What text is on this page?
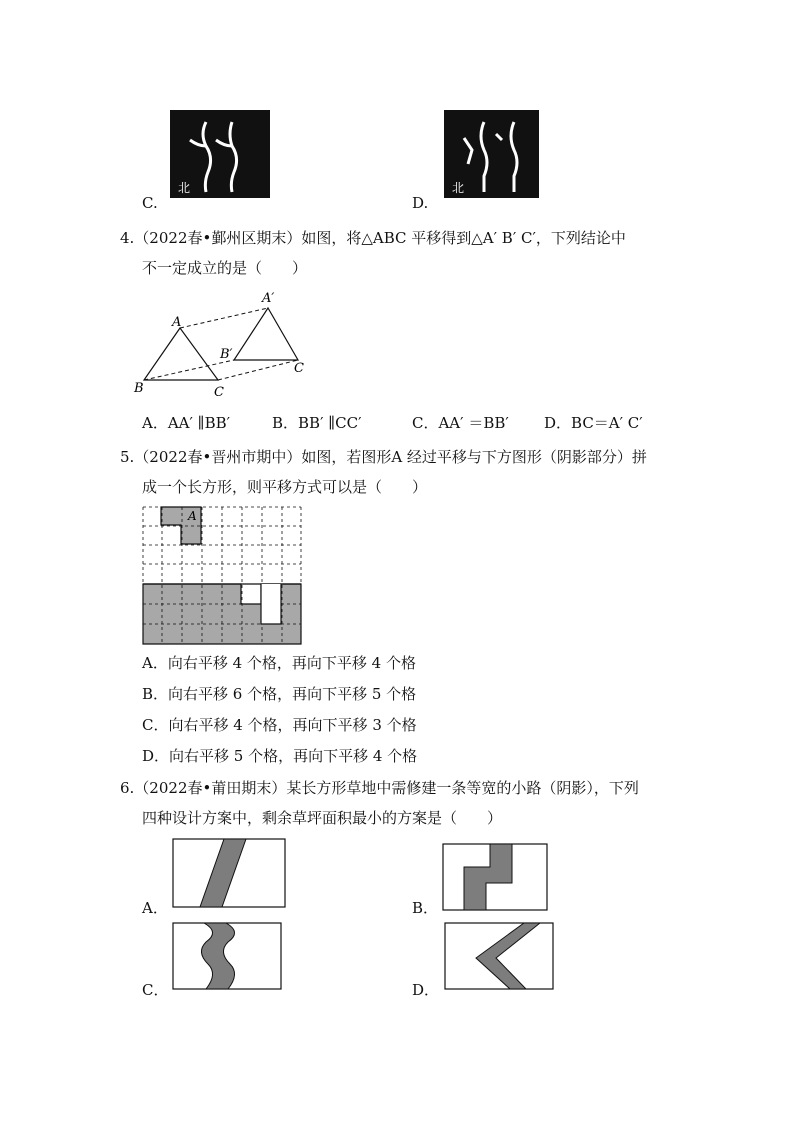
北
C.
北
D.
4.（2022春•鄞州区期末）如图，将△ABC 平移得到△A′ B′ C′，下列结论中
不一定成立的是（　　）
A
B	C
A′
B′
C
A．AA′ ∥BB′	B．BB′ ∥CC′	C．AA′ ＝BB′ D．BC＝A′ C′
5.（2022春•晋州市期中）如图，若图形A 经过平移与下方图形（阴影部分）拼
成一个长方形，则平移方式可以是（　　）
A
A．向右平移 4 个格，再向下平移 4 个格
B．向右平移 6 个格，再向下平移 5 个格
C．向右平移 4 个格，再向下平移 3 个格
D．向右平移 5 个格，再向下平移 4 个格
6.（2022春•莆田期末）某长方形草地中需修建一条等宽的小路（阴影），下列
四种设计方案中，剩余草坪面积最小的方案是（　　）
A．	B．
C．	D．
